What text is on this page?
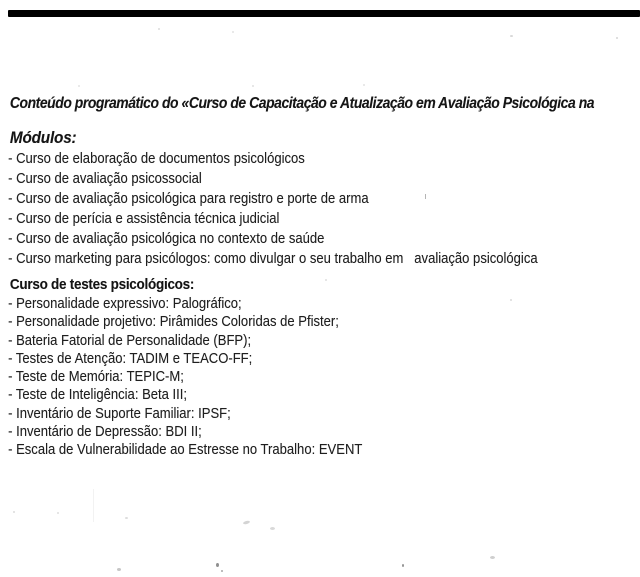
Conteúdo programático do «Curso de Capacitação e Atualização em Avaliação Psicológica na
Módulos:
- Curso de elaboração de documentos psicológicos
- Curso de avaliação psicossocial
- Curso de avaliação psicológica para registro e porte de arma
- Curso de perícia e assistência técnica judicial
- Curso de avaliação psicológica no contexto de saúde
- Curso marketing para psicólogos: como divulgar o seu trabalho em   avaliação psicológica
Curso de testes psicológicos:
- Personalidade expressivo: Palográfico;
- Personalidade projetivo: Pirâmides Coloridas de Pfister;
- Bateria Fatorial de Personalidade (BFP);
- Testes de Atenção: TADIM e TEACO-FF;
- Teste de Memória: TEPIC-M;
- Teste de Inteligência: Beta III;
- Inventário de Suporte Familiar: IPSF;
- Inventário de Depressão: BDI II;
- Escala de Vulnerabilidade ao Estresse no Trabalho: EVENT
